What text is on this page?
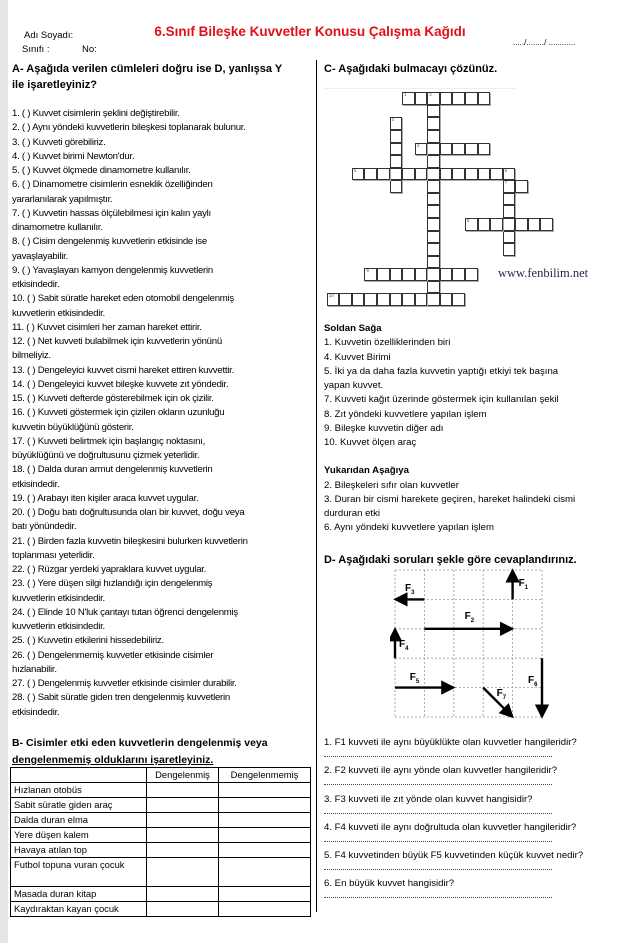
Adı Soyadı:
Sınıfı :	No:
6.Sınıf Bileşke Kuvvetler Konusu Çalışma Kağıdı
...../......../ ............
A- Aşağıda verilen cümleleri doğru ise D, yanlışsa Y
ile işaretleyiniz?
1. ( ) Kuvvet cisimlerin şeklini değiştirebilir.
2. ( ) Aynı yöndeki kuvvetlerin bileşkesi toplanarak bulunur.
3. ( ) Kuvveti görebiliriz.
4. ( ) Kuvvet birimi Newton'dur.
5. ( ) Kuvvet ölçmede dinamometre kullanılır.
6. ( ) Dinamometre cisimlerin esneklik özelliğinden
yararlanılarak yapılmıştır.
7. ( ) Kuvvetin hassas ölçülebilmesi için kalın yaylı
dinamometre kullanılır.
8. ( ) Cisim dengelenmiş kuvvetlerin etkisinde ise
yavaşlayabilir.
9. ( ) Yavaşlayan kamyon dengelenmiş kuvvetlerin
etkisindedir.
10. ( ) Sabit süratle hareket eden otomobil dengelenmiş
kuvvetlerin etkisindedir.
11. ( ) Kuvvet cisimleri her zaman hareket ettirir.
12. ( ) Net kuvveti bulabilmek için kuvvetlerin yönünü
bilmeliyiz.
13. ( ) Dengeleyici kuvvet cismi hareket ettiren kuvvettir.
14. ( ) Dengeleyici kuvvet bileşke kuvvete zıt yöndedir.
15. ( ) Kuvveti defterde gösterebilmek için ok çizilir.
16. ( ) Kuvveti göstermek için çizilen okların uzunluğu
kuvvetin büyüklüğünü gösterir.
17. ( ) Kuvveti belirtmek için başlangıç noktasını,
büyüklüğünü ve doğrultusunu çizmek yeterlidir.
18. ( ) Dalda duran armut dengelenmiş kuvvetlerin
etkisindedir.
19. ( ) Arabayı iten kişiler araca kuvvet uygular.
20. ( ) Doğu batı doğrultusunda olan bir kuvvet, doğu veya
batı yönündedir.
21. ( ) Birden fazla kuvvetin bileşkesini bulurken kuvvetlerin
toplanması yeterlidir.
22. ( ) Rüzgar yerdeki yapraklara kuvvet uygular.
23. ( ) Yere düşen silgi hızlandığı için dengelenmiş
kuvvetlerin etkisindedir.
24. ( ) Elinde 10 N'luk çantayı tutan öğrenci dengelenmiş
kuvvetlerin etkisindedir.
25. ( ) Kuvvetin etkilerini hissedebiliriz.
26. ( ) Dengelenmemiş kuvvetler etkisinde cisimler
hızlanabilir.
27. ( ) Dengelenmiş kuvvetler etkisinde cisimler durabilir.
28. ( ) Sabit süratle giden tren dengelenmiş kuvvetlerin
etkisindedir.
B- Cisimler etki eden kuvvetlerin dengelenmiş veya
dengelenmemiş olduklarını işaretleyiniz.
	Dengelenmiş	Dengelenmemiş
Hızlanan otobüs		
Sabit süratle giden araç		
Dalda duran elma		
Yere düşen kalem		
Havaya atılan top		
Futbol topuna vuran çocuk		
Masada duran kitap		
Kaydıraktan kayan çocuk		
C- Aşağıdaki bulmacayı çözünüz.
1	2
3
4
5	6
7
8
9
10
www.fenbilim.net
Soldan Sağa
1. Kuvvetin özelliklerinden biri
4. Kuvvet Birimi
5. İki ya da daha fazla kuvvetin yaptığı etkiyi tek başına
yapan kuvvet.
7. Kuvveti kağıt üzerinde göstermek için kullanılan şekil
8. Zıt yöndeki kuvvetlere yapılan işlem
9. Bileşke kuvvetin diğer adı
10. Kuvvet ölçen araç
Yukarıdan Aşağıya
2. Bileşkeleri sıfır olan kuvvetler
3. Duran bir cismi harekete geçiren, hareket halindeki cismi
durduran etki
6. Aynı yöndeki kuvvetlere yapılan işlem
D- Aşağıdaki soruları şekle göre cevaplandırınız.
$F_1$
$F_2$
$F_3$
$F_4$
$F_5$	$F_6$
$F_7$
1. F1 kuvveti ile aynı büyüklükte olan kuvvetler hangileridir?
2. F2 kuvveti ile aynı yönde olan kuvvetler hangileridir?
3. F3 kuvveti ile zıt yönde olan kuvvet hangisidir?
4. F4 kuvveti ile aynı doğrultuda olan kuvvetler hangileridir?
5. F4 kuvvetinden büyük F5 kuvvetinden küçük kuvvet nedir?
6. En büyük kuvvet hangisidir?
